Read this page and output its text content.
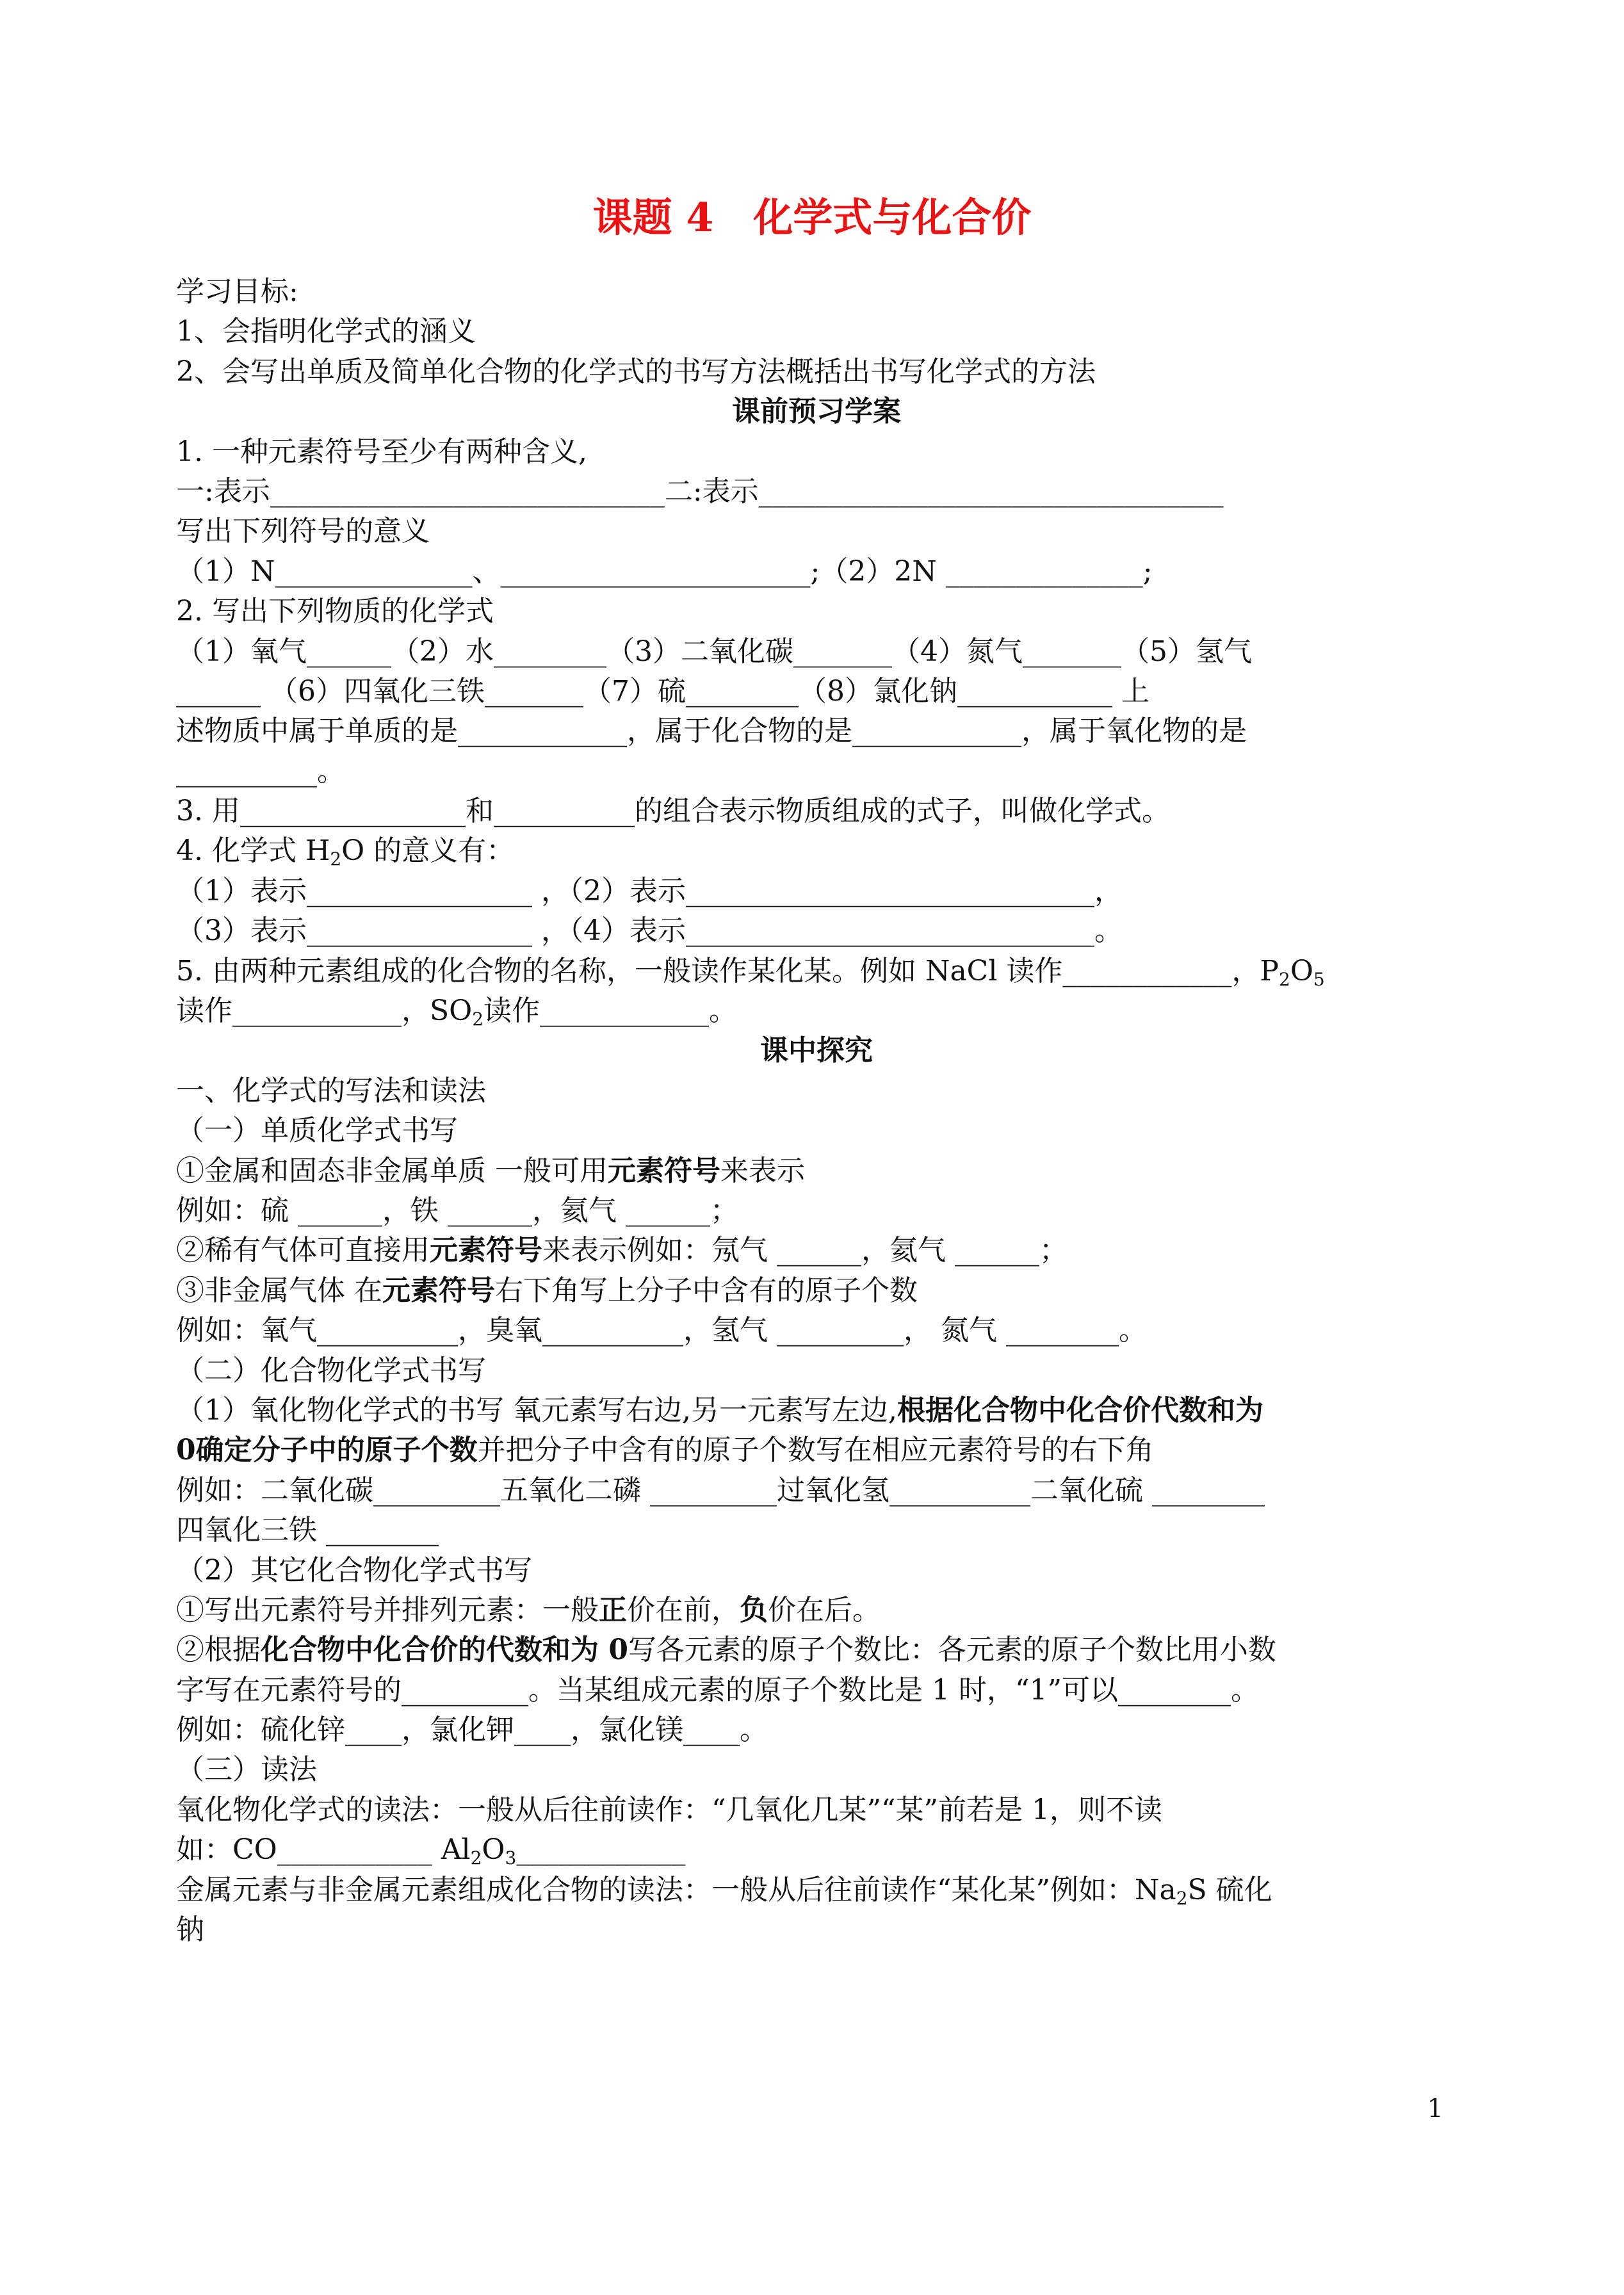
课题 4　化学式与化合价
学习目标:
1、会指明化学式的涵义
2、会写出单质及简单化合物的化学式的书写方法概括出书写化学式的方法
课前预习学案
1. 一种元素符号至少有两种含义,
一:表示____________________________二:表示_________________________________
写出下列符号的意义
（1）N______________、______________________;（2）2N ______________;
2. 写出下列物质的化学式
（1）氧气______（2）水________（3）二氧化碳_______（4）氮气_______（5）氢气
______ （6）四氧化三铁_______（7）硫________（8）氯化钠___________ 上
述物质中属于单质的是____________，属于化合物的是____________，属于氧化物的是
__________。
3. 用________________和__________的组合表示物质组成的式子，叫做化学式。
4. 化学式 $H_2O$ 的意义有：
（1）表示________________ ，（2）表示_____________________________，
（3）表示________________ ，（4）表示_____________________________。
5. 由两种元素组成的化合物的名称，一般读作某化某。例如 NaCl 读作____________，$P_2O_5$
读作____________，$SO_2$读作____________。
课中探究
一、化学式的写法和读法
（一）单质化学式书写
①金属和固态非金属单质 一般可用元素符号来表示
例如：硫 ______，铁 ______，氦气 ______；
②稀有气体可直接用元素符号来表示例如：氖气 ______，氦气 ______；
③非金属气体 在元素符号右下角写上分子中含有的原子个数
例如：氧气__________，臭氧__________，氢气 _________， 氮气 ________。
（二）化合物化学式书写
（1）氧化物化学式的书写 氧元素写右边,另一元素写左边,根据化合物中化合价代数和为
0确定分子中的原子个数并把分子中含有的原子个数写在相应元素符号的右下角
例如：二氧化碳_________五氧化二磷 _________过氧化氢__________二氧化硫 ________
四氧化三铁 ________
（2）其它化合物化学式书写
①写出元素符号并排列元素：一般正价在前，负价在后。
②根据化合物中化合价的代数和为 0写各元素的原子个数比：各元素的原子个数比用小数
字写在元素符号的_________。当某组成元素的原子个数比是 1 时，“1”可以________。
例如：硫化锌____，氯化钾____，氯化镁____。
（三）读法
氧化物化学式的读法：一般从后往前读作：“几氧化几某”“某”前若是 1，则不读
如：CO___________ $Al_2O_3\_\_\_\_\_\_\_\_\_\_\_\_$
金属元素与非金属元素组成化合物的读法：一般从后往前读作“某化某”例如：$Na_2S$ 硫化
钠
1
